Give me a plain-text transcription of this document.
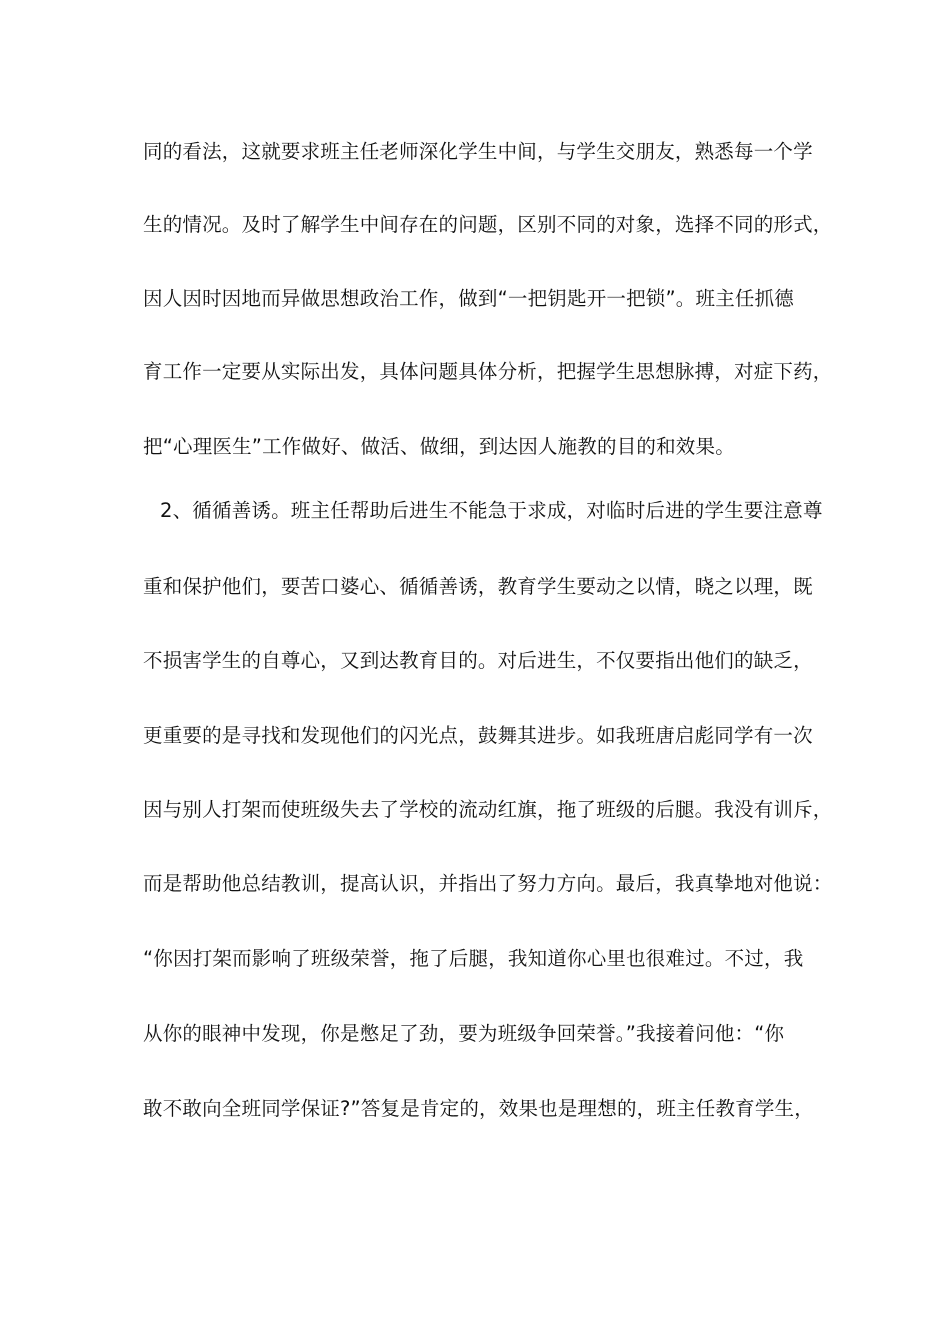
同的看法，这就要求班主任老师深化学生中间，与学生交朋友，熟悉每一个学
生的情况。及时了解学生中间存在的问题，区别不同的对象，选择不同的形式，
因人因时因地而异做思想政治工作，做到“一把钥匙开一把锁”。班主任抓德
育工作一定要从实际出发，具体问题具体分析，把握学生思想脉搏，对症下药，
把“心理医生”工作做好、做活、做细，到达因人施教的目的和效果。
2、循循善诱。班主任帮助后进生不能急于求成，对临时后进的学生要注意尊
重和保护他们，要苦口婆心、循循善诱，教育学生要动之以情，晓之以理，既
不损害学生的自尊心，又到达教育目的。对后进生，不仅要指出他们的缺乏，
更重要的是寻找和发现他们的闪光点，鼓舞其进步。如我班唐启彪同学有一次
因与别人打架而使班级失去了学校的流动红旗，拖了班级的后腿。我没有训斥，
而是帮助他总结教训，提高认识，并指出了努力方向。最后，我真挚地对他说：
“你因打架而影响了班级荣誉，拖了后腿，我知道你心里也很难过。不过，我
从你的眼神中发现，你是憋足了劲，要为班级争回荣誉。”我接着问他：“你
敢不敢向全班同学保证?”答复是肯定的，效果也是理想的，班主任教育学生，
